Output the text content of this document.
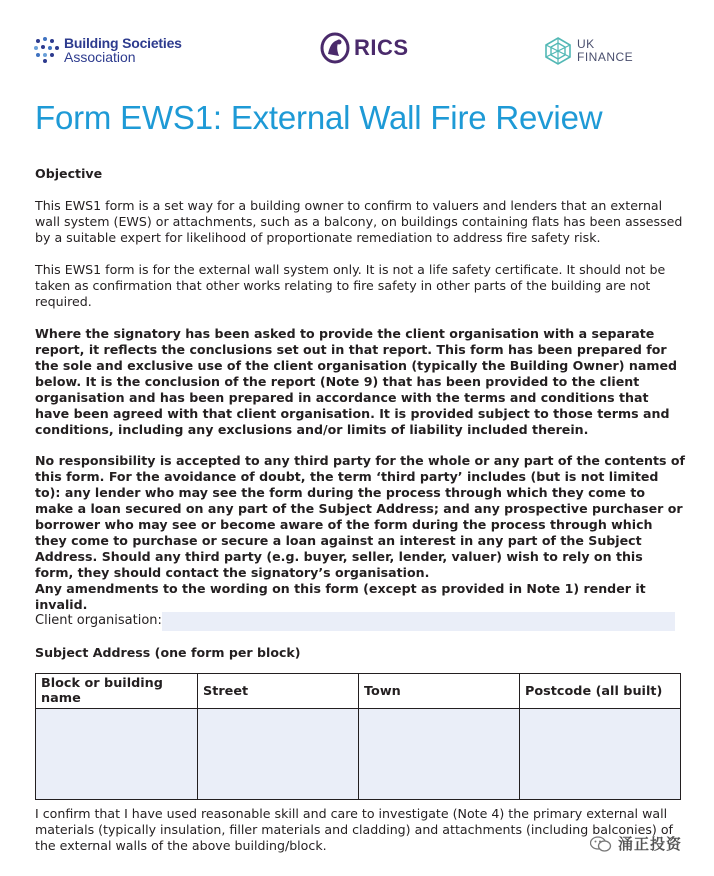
Building Societies
Association	RICS	UK
FINANCE
Form EWS1: External Wall Fire Review

Objective

This EWS1 form is a set way for a building owner to confirm to valuers and lenders that an external wall system (EWS) or attachments, such as a balcony, on buildings containing flats has been assessed by a suitable expert for likelihood of proportionate remediation to address fire safety risk.

This EWS1 form is for the external wall system only. It is not a life safety certificate. It should not be taken as confirmation that other works relating to fire safety in other parts of the building are not required.

Where the signatory has been asked to provide the client organisation with a separate report, it reflects the conclusions set out in that report. This form has been prepared for the sole and exclusive use of the client organisation (typically the Building Owner) named below. It is the conclusion of the report (Note 9) that has been provided to the client organisation and has been prepared in accordance with the terms and conditions that have been agreed with that client organisation. It is provided subject to those terms and conditions, including any exclusions and/or limits of liability included therein.

No responsibility is accepted to any third party for the whole or any part of the contents of this form. For the avoidance of doubt, the term ‘third party’ includes (but is not limited to): any lender who may see the form during the process through which they come to make a loan secured on any part of the Subject Address; and any prospective purchaser or borrower who may see or become aware of the form during the process through which they come to purchase or secure a loan against an interest in any part of the Subject Address. Should any third party (e.g. buyer, seller, lender, valuer) wish to rely on this form, they should contact the signatory’s organisation.

Any amendments to the wording on this form (except as provided in Note 1) render it invalid.

Client organisation:

Subject Address (one form per block)

Block or building name	Street	Town	Postcode (all built)

I confirm that I have used reasonable skill and care to investigate (Note 4) the primary external wall materials (typically insulation, filler materials and cladding) and attachments (including balconies) of the external walls of the above building/block.	涌正投资
